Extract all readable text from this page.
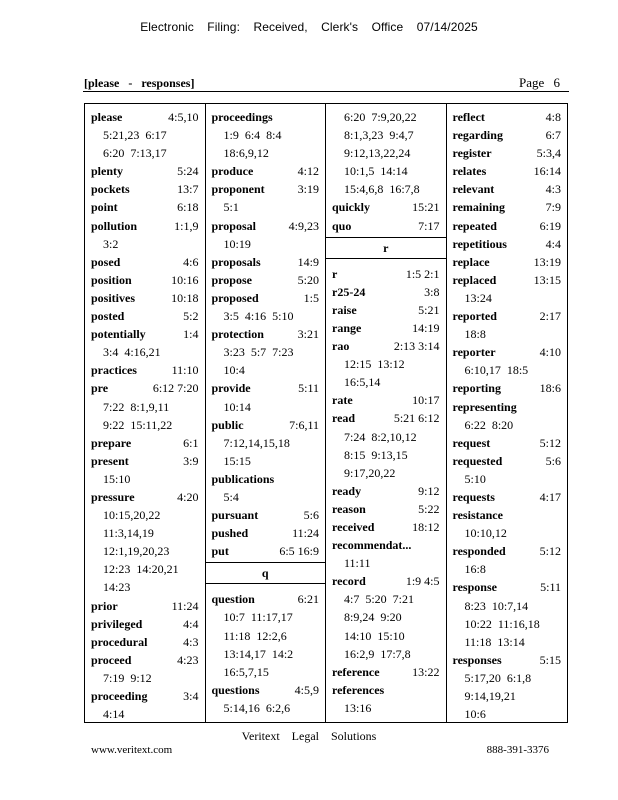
Electronic Filing: Received, Clerk's Office 07/14/2025
[please - responses]	Page 6
please	4:5,10
5:21,23 6:17
6:20 7:13,17
plenty	5:24
pockets	13:7
point	6:18
pollution	1:1,9
3:2
posed	4:6
position	10:16
positives	10:18
posted	5:2
potentially	1:4
3:4 4:16,21
practices	11:10
pre	6:12 7:20
7:22 8:1,9,11
9:22 15:11,22
prepare	6:1
present	3:9
15:10
pressure	4:20
10:15,20,22
11:3,14,19
12:1,19,20,23
12:23 14:20,21
14:23
prior	11:24
privileged	4:4
procedural	4:3
proceed	4:23
7:19 9:12
proceeding	3:4
4:14
proceedings
1:9 6:4 8:4
18:6,9,12
produce	4:12
proponent	3:19
5:1
proposal	4:9,23
10:19
proposals	14:9
propose	5:20
proposed	1:5
3:5 4:16 5:10
protection	3:21
3:23 5:7 7:23
10:4
provide	5:11
10:14
public	7:6,11
7:12,14,15,18
15:15
publications
5:4
pursuant	5:6
pushed	11:24
put	6:5 16:9
q
question	6:21
10:7 11:17,17
11:18 12:2,6
13:14,17 14:2
16:5,7,15
questions	4:5,9
5:14,16 6:2,6
6:20 7:9,20,22
8:1,3,23 9:4,7
9:12,13,22,24
10:1,5 14:14
15:4,6,8 16:7,8
quickly	15:21
quo	7:17
r
r	1:5 2:1
r25-24	3:8
raise	5:21
range	14:19
rao	2:13 3:14
12:15 13:12
16:5,14
rate	10:17
read	5:21 6:12
7:24 8:2,10,12
8:15 9:13,15
9:17,20,22
ready	9:12
reason	5:22
received	18:12
recommendat...
11:11
record	1:9 4:5
4:7 5:20 7:21
8:9,24 9:20
14:10 15:10
16:2,9 17:7,8
reference	13:22
references
13:16
reflect	4:8
regarding	6:7
register	5:3,4
relates	16:14
relevant	4:3
remaining	7:9
repeated	6:19
repetitious	4:4
replace	13:19
replaced	13:15
13:24
reported	2:17
18:8
reporter	4:10
6:10,17 18:5
reporting	18:6
representing
6:22 8:20
request	5:12
requested	5:6
5:10
requests	4:17
resistance
10:10,12
responded	5:12
16:8
response	5:11
8:23 10:7,14
10:22 11:16,18
11:18 13:14
responses	5:15
5:17,20 6:1,8
9:14,19,21
10:6
Veritext Legal Solutions
www.veritext.com	888-391-3376
